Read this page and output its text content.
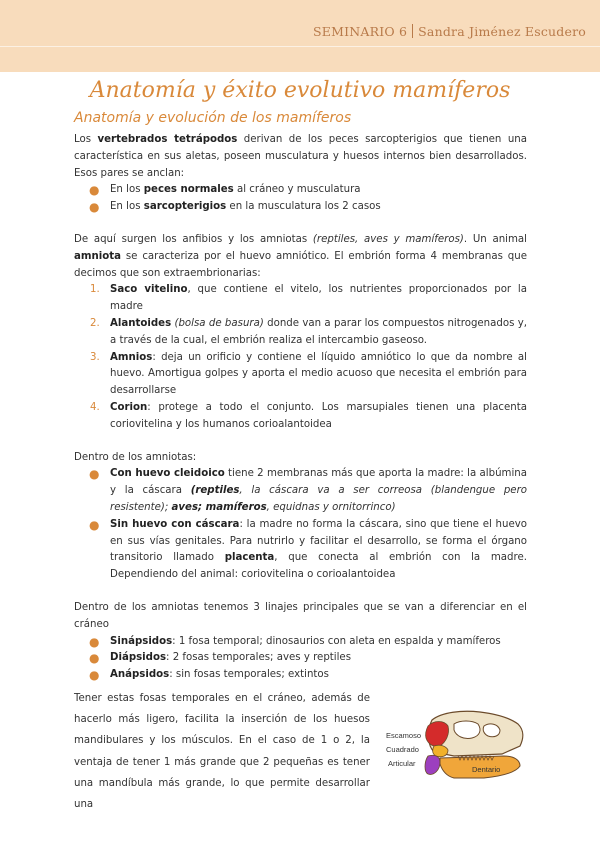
SEMINARIO 6 Sandra Jiménez Escudero
Anatomía y éxito evolutivo mamíferos
Anatomía y evolución de los mamíferos

Los vertebrados tetrápodos derivan de los peces sarcopterigios que tienen una característica en sus aletas, poseen musculatura y huesos internos bien desarrollados. Esos pares se anclan:

● En los peces normales al cráneo y musculatura
● En los sarcopterigios en la musculatura los 2 casos

De aquí surgen los anfibios y los amniotas (reptiles, aves y mamíferos). Un animal amniota se caracteriza por el huevo amniótico. El embrión forma 4 membranas que decimos que son extraembrionarias:

1. Saco vitelino, que contiene el vitelo, los nutrientes proporcionados por la madre
2. Alantoides (bolsa de basura) donde van a parar los compuestos nitrogenados y, a través de la cual, el embrión realiza el intercambio gaseoso.
3. Amnios: deja un orificio y contiene el líquido amniótico lo que da nombre al huevo. Amortigua golpes y aporta el medio acuoso que necesita el embrión para desarrollarse
4. Corion: protege a todo el conjunto. Los marsupiales tienen una placenta coriovitelina y los humanos corioalantoidea

Dentro de los amniotas:

● Con huevo cleidoico tiene 2 membranas más que aporta la madre: la albúmina y la cáscara (reptiles, la cáscara va a ser correosa (blandengue pero resistente); aves; mamíferos, equidnas y ornitorrinco)
● Sin huevo con cáscara: la madre no forma la cáscara, sino que tiene el huevo en sus vías genitales. Para nutrirlo y facilitar el desarrollo, se forma el órgano transitorio llamado placenta, que conecta al embrión con la madre. Dependiendo del animal: coriovitelina o corioalantoidea

Dentro de los amniotas tenemos 3 linajes principales que se van a diferenciar en el cráneo

● Sinápsidos: 1 fosa temporal; dinosaurios con aleta en espalda y mamíferos
● Diápsidos: 2 fosas temporales; aves y reptiles
● Anápsidos: sin fosas temporales; extintos

Tener estas fosas temporales en el cráneo, además de hacerlo más ligero, facilita la inserción de los huesos mandibulares y los músculos. En el caso de 1 o 2, la ventaja de tener 1 más grande que 2 pequeñas es tener una mandíbula más grande, lo que permite desarrollar una

Escamoso
Cuadrado
Articular
Dentario
